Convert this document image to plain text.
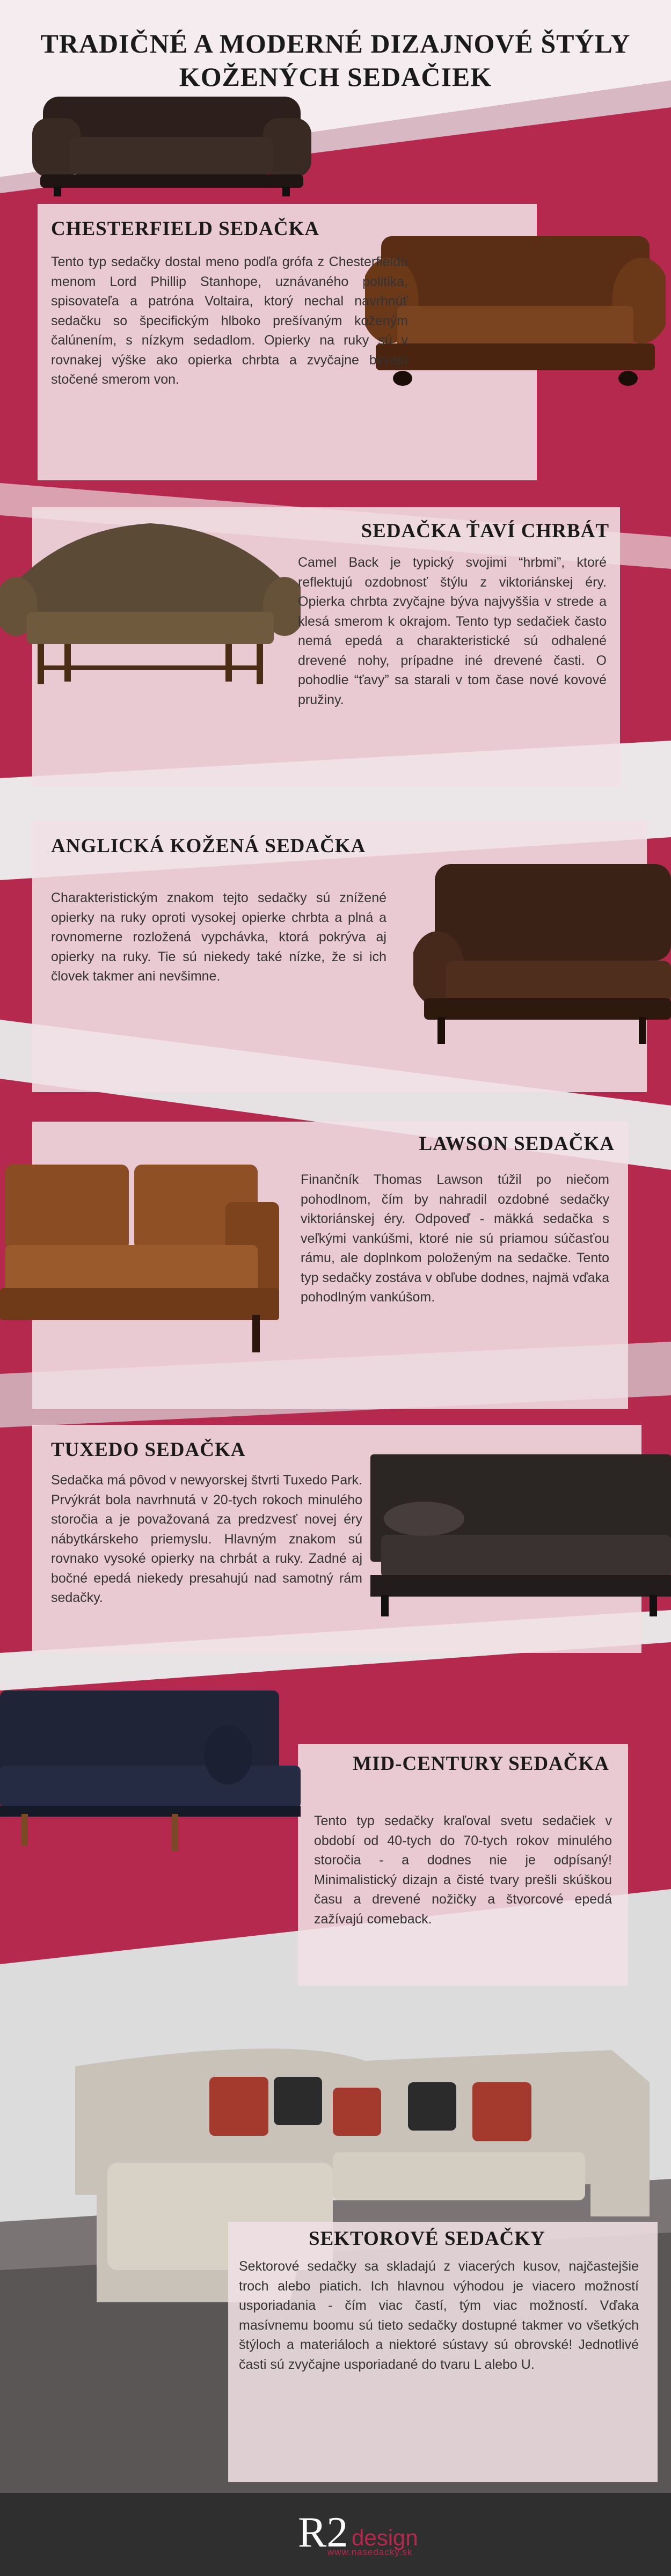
TRADIČNÉ A MODERNÉ DIZAJNOVÉ ŠTÝLY KOŽENÝCH SEDAČIEK
CHESTERFIELD SEDAČKA

Tento typ sedačky dostal meno podľa grófa z Chesterfieldu menom Lord Phillip Stanhope, uznávaného politika, spisovateľa a patróna Voltaira, ktorý nechal navrhnúť sedačku so špecifickým hlboko prešívaným koženým čalúnením, s nízkym sedadlom. Opierky na ruky sú v rovnakej výške ako opierka chrbta a zvyčajne bývajú stočené smerom von.

SEDAČKA ŤAVÍ CHRBÁT

Camel Back je typický svojimi “hrbmi”, ktoré reflektujú ozdobnosť štýlu z viktoriánskej éry. Opierka chrbta zvyčajne býva najvyššia v strede a klesá smerom k okrajom. Tento typ sedačiek často nemá epedá a charakteristické sú odhalené drevené nohy, prípadne iné drevené časti. O pohodlie “ťavy” sa starali v tom čase nové kovové pružiny.

ANGLICKÁ KOŽENÁ SEDAČKA

Charakteristickým znakom tejto sedačky sú znížené opierky na ruky oproti vysokej opierke chrbta a plná a rovnomerne rozložená vypchávka, ktorá pokrýva aj opierky na ruky. Tie sú niekedy také nízke, že si ich človek takmer ani nevšimne.

LAWSON SEDAČKA

Finančník Thomas Lawson túžil po niečom pohodlnom, čím by nahradil ozdobné sedačky viktoriánskej éry. Odpoveď - mäkká sedačka s veľkými vankúšmi, ktoré nie sú priamou súčasťou rámu, ale doplnkom položeným na sedačke. Tento typ sedačky zostáva v obľube dodnes, najmä vďaka pohodlným vankúšom.

TUXEDO SEDAČKA

Sedačka má pôvod v newyorskej štvrti Tuxedo Park. Prvýkrát bola navrhnutá v 20-tych rokoch minulého storočia a je považovaná za predzvesť novej éry nábytkárskeho priemyslu. Hlavným znakom sú rovnako vysoké opierky na chrbát a ruky. Zadné aj bočné epedá niekedy presahujú nad samotný rám sedačky.

MID-CENTURY SEDAČKA

Tento typ sedačky kraľoval svetu sedačiek v období od 40-tych do 70-tych rokov minulého storočia - a dodnes nie je odpísaný! Minimalistický dizajn a čisté tvary prešli skúškou času a drevené nožičky a štvorcové epedá zažívajú comeback.

SEKTOROVÉ SEDAČKY

Sektorové sedačky sa skladajú z viacerých kusov, najčastejšie troch alebo piatich. Ich hlavnou výhodou je viacero možností usporiadania - čím viac častí, tým viac možností. Vďaka masívnemu boomu sú tieto sedačky dostupné takmer vo všetkých štýloch a materiáloch a niektoré sústavy sú obrovské! Jednotlivé časti sú zvyčajne usporiadané do tvaru L alebo U.

R2 design
www.nasedacky.sk
